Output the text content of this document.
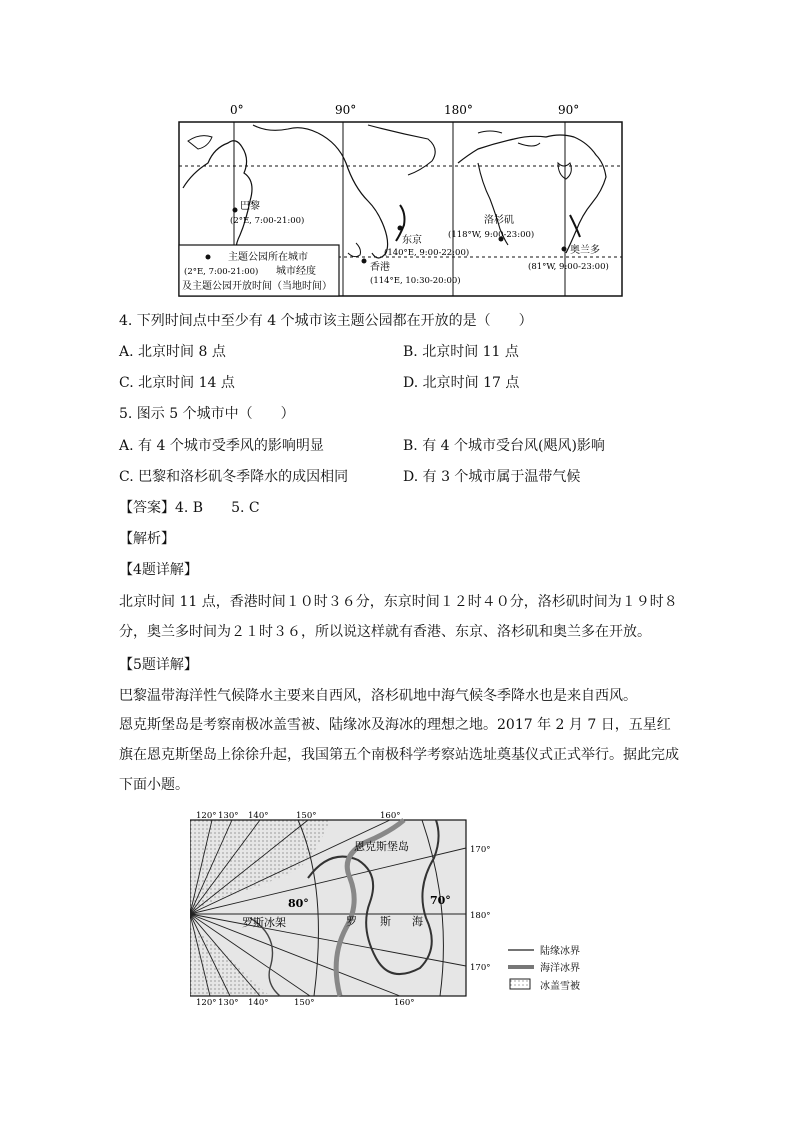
0°	90°	180°	90°
巴黎
(2°E, 7:00-21:00)
东京
(140°E, 9:00-22:00)
香港
(114°E, 10:30-20:00)
洛杉矶
(118°W, 9:00-23:00)
奥兰多
(81°W, 9:00-23:00)
主题公园所在城市
(2°E, 7:00-21:00) 城市经度
及主题公园开放时间（当地时间）
4. 下列时间点中至少有 4 个城市该主题公园都在开放的是（　　）
A. 北京时间 8 点	B. 北京时间 11 点
C. 北京时间 14 点	D. 北京时间 17 点
5. 图示 5 个城市中（　　）
A. 有 4 个城市受季风的影响明显	B. 有 4 个城市受台风(飓风)影响
C. 巴黎和洛杉矶冬季降水的成因相同	D. 有 3 个城市属于温带气候
【答案】4. B　　5. C
【解析】
【4题详解】
北京时间 11 点，香港时间１０时３６分，东京时间１２时４０分，洛杉矶时间为１９时８分，奥兰多时间为２１时３６，所以说这样就有香港、东京、洛杉矶和奥兰多在开放。
【5题详解】
巴黎温带海洋性气候降水主要来自西风，洛杉矶地中海气候冬季降水也是来自西风。
恩克斯堡岛是考察南极冰盖雪被、陆缘冰及海冰的理想之地。2017 年 2 月 7 日，五星红旗在恩克斯堡岛上徐徐升起，我国第五个南极科学考察站选址奠基仪式正式举行。据此完成下面小题。
恩克斯堡岛
80°	70°
罗斯冰架	罗 斯 海
120° 130° 140°	150°	160°
120° 130° 140°	150°	160°
170°
180°
170°
陆缘冰界
海洋冰界
冰盖雪被
